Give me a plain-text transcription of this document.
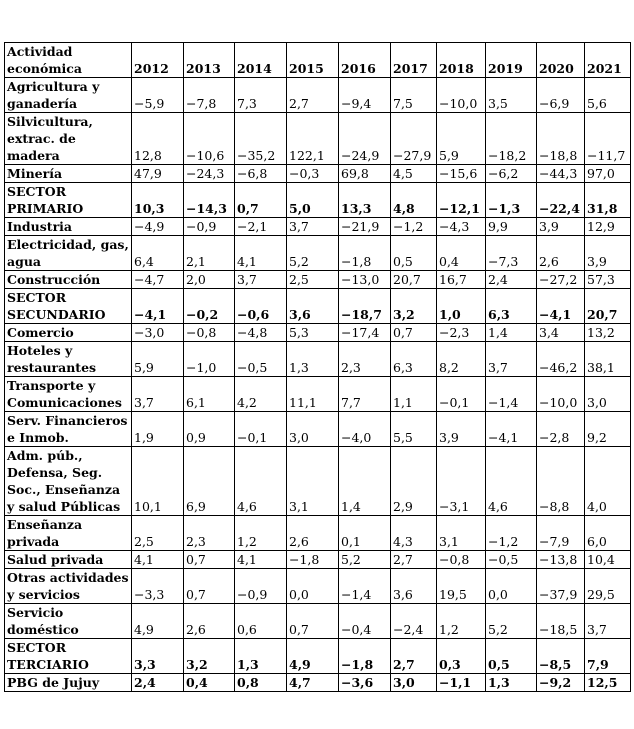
Actividad económica	2012	2013	2014	2015	2016	2017	2018	2019	2020	2021
Agricultura y ganadería	−5,9	−7,8	7,3	2,7	−9,4	7,5	−10,0	3,5	−6,9	5,6
Silvicultura, extrac. de madera	12,8	−10,6	−35,2	122,1	−24,9	−27,9	5,9	−18,2	−18,8	−11,7
Minería	47,9	−24,3	−6,8	−0,3	69,8	4,5	−15,6	−6,2	−44,3	97,0
SECTOR PRIMARIO	10,3	−14,3	0,7	5,0	13,3	4,8	−12,1	−1,3	−22,4	31,8
Industria	−4,9	−0,9	−2,1	3,7	−21,9	−1,2	−4,3	9,9	3,9	12,9
Electricidad, gas, agua	6,4	2,1	4,1	5,2	−1,8	0,5	0,4	−7,3	2,6	3,9
Construcción	−4,7	2,0	3,7	2,5	−13,0	20,7	16,7	2,4	−27,2	57,3
SECTOR SECUNDARIO	−4,1	−0,2	−0,6	3,6	−18,7	3,2	1,0	6,3	−4,1	20,7
Comercio	−3,0	−0,8	−4,8	5,3	−17,4	0,7	−2,3	1,4	3,4	13,2
Hoteles y restaurantes	5,9	−1,0	−0,5	1,3	2,3	6,3	8,2	3,7	−46,2	38,1
Transporte y Comunicaciones	3,7	6,1	4,2	11,1	7,7	1,1	−0,1	−1,4	−10,0	3,0
Serv. Financieros e Inmob.	1,9	0,9	−0,1	3,0	−4,0	5,5	3,9	−4,1	−2,8	9,2
Adm. púb., Defensa, Seg. Soc., Enseñanza y salud Públicas	10,1	6,9	4,6	3,1	1,4	2,9	−3,1	4,6	−8,8	4,0
Enseñanza privada	2,5	2,3	1,2	2,6	0,1	4,3	3,1	−1,2	−7,9	6,0
Salud privada	4,1	0,7	4,1	−1,8	5,2	2,7	−0,8	−0,5	−13,8	10,4
Otras actividades y servicios	−3,3	0,7	−0,9	0,0	−1,4	3,6	19,5	0,0	−37,9	29,5
Servicio doméstico	4,9	2,6	0,6	0,7	−0,4	−2,4	1,2	5,2	−18,5	3,7
SECTOR TERCIARIO	3,3	3,2	1,3	4,9	−1,8	2,7	0,3	0,5	−8,5	7,9
PBG de Jujuy	2,4	0,4	0,8	4,7	−3,6	3,0	−1,1	1,3	−9,2	12,5
